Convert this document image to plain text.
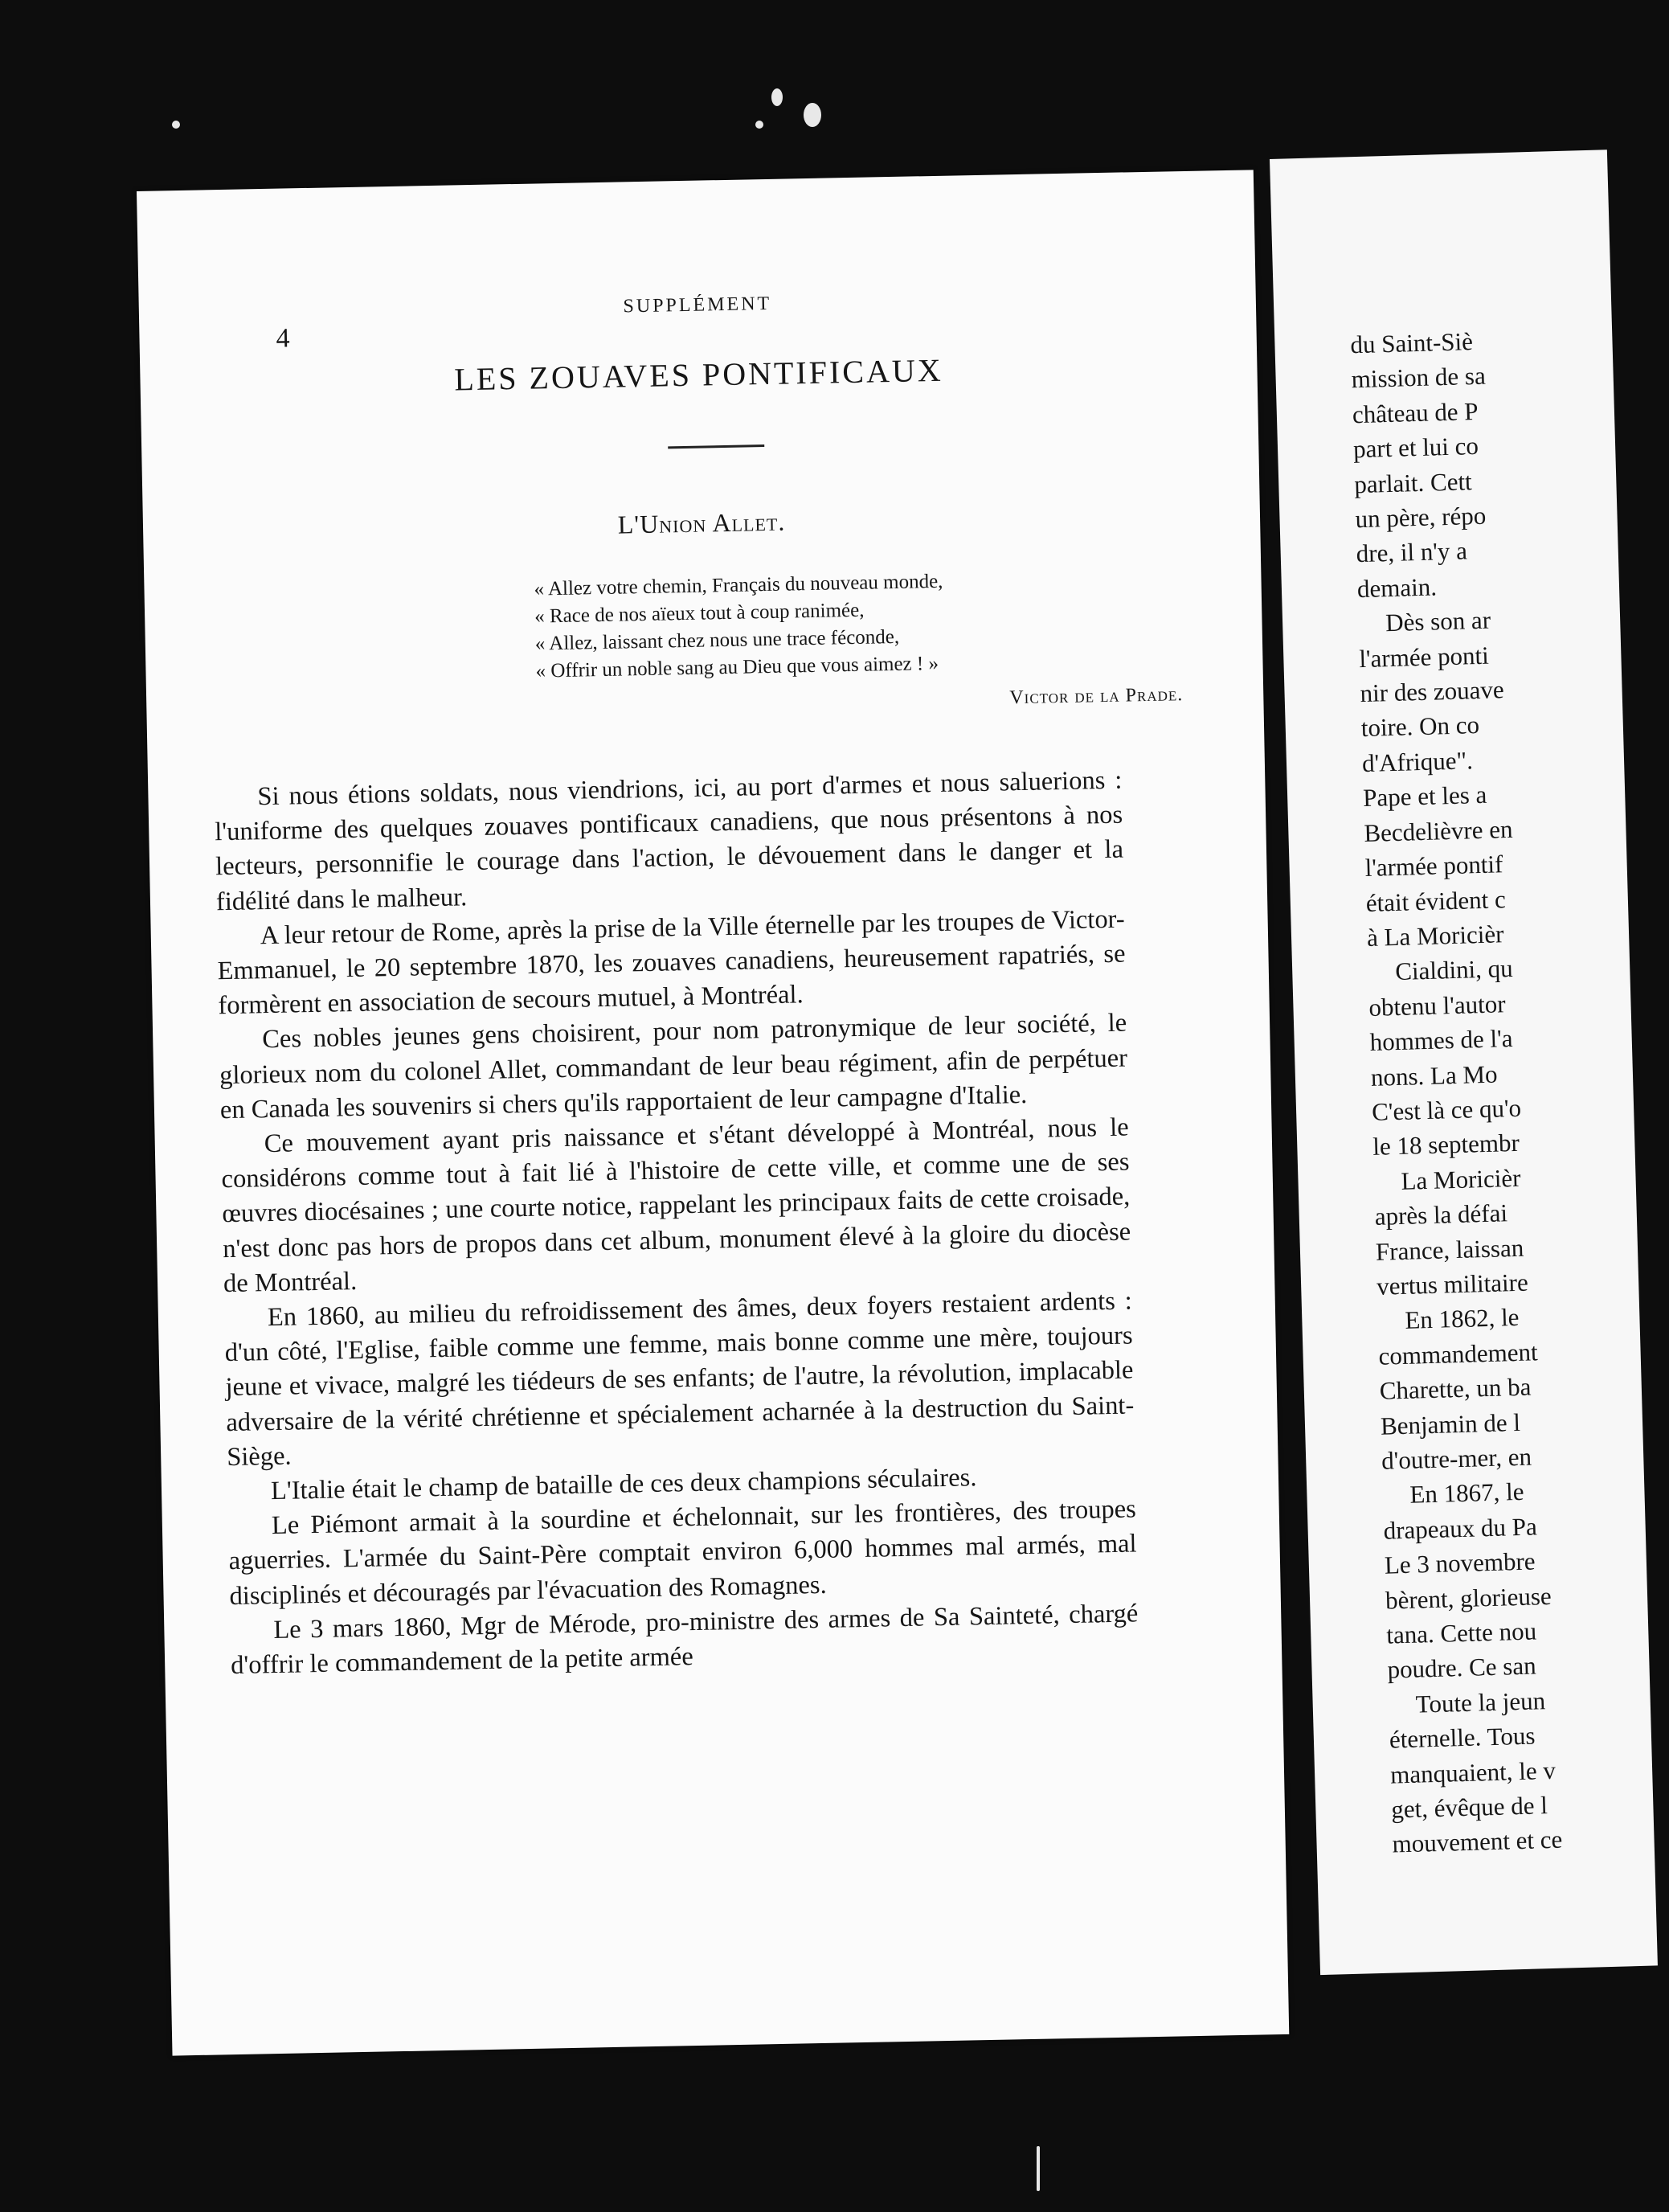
4
SUPPLÉMENT
LES ZOUAVES PONTIFICAUX
L'Union Allet.
« Allez votre chemin, Français du nouveau monde,
« Race de nos aïeux tout à coup ranimée,
« Allez, laissant chez nous une trace féconde,
« Offrir un noble sang au Dieu que vous aimez ! »
Victor de la Prade.

Si nous étions soldats, nous viendrions, ici, au port d'armes et nous saluerions : l'uniforme des quelques zouaves pontificaux canadiens, que nous présentons à nos lecteurs, personnifie le courage dans l'action, le dévouement dans le danger et la fidélité dans le malheur.

A leur retour de Rome, après la prise de la Ville éternelle par les troupes de Victor-Emmanuel, le 20 septembre 1870, les zouaves canadiens, heureusement rapatriés, se formèrent en association de secours mutuel, à Montréal.

Ces nobles jeunes gens choisirent, pour nom patronymique de leur société, le glorieux nom du colonel Allet, commandant de leur beau régiment, afin de perpétuer en Canada les souvenirs si chers qu'ils rapportaient de leur campagne d'Italie.

Ce mouvement ayant pris naissance et s'étant développé à Montréal, nous le considérons comme tout à fait lié à l'histoire de cette ville, et comme une de ses œuvres diocésaines ; une courte notice, rappelant les principaux faits de cette croisade, n'est donc pas hors de propos dans cet album, monument élevé à la gloire du diocèse de Montréal.

En 1860, au milieu du refroidissement des âmes, deux foyers restaient ardents : d'un côté, l'Eglise, faible comme une femme, mais bonne comme une mère, toujours jeune et vivace, malgré les tiédeurs de ses enfants; de l'autre, la révolution, implacable adversaire de la vérité chrétienne et spécialement acharnée à la destruction du Saint-Siège.

L'Italie était le champ de bataille de ces deux champions séculaires.

Le Piémont armait à la sourdine et échelonnait, sur les frontières, des troupes aguerries. L'armée du Saint-Père comptait environ 6,000 hommes mal armés, mal disciplinés et découragés par l'évacuation des Romagnes.

Le 3 mars 1860, Mgr de Mérode, pro-ministre des armes de Sa Sainteté, chargé d'offrir le commandement de la petite armée

du Saint-Siè
mission de sa
château de P
part et lui co
parlait. Cett
un père, répo
dre, il n'y a
demain.
Dès son ar
l'armée ponti
nir des zouave
toire. On co
d'Afrique".
Pape et les a
Becdelièvre en
l'armée pontif
était évident c
à La Moricièr
Cialdini, qu
obtenu l'autor
hommes de l'a
nons. La Mo
C'est là ce qu'o
le 18 septembr
La Moricièr
après la défai
France, laissan
vertus militaire
En 1862, le
commandement
Charette, un ba
Benjamin de l
d'outre-mer, en
En 1867, le
drapeaux du Pa
Le 3 novembre
bèrent, glorieuse
tana. Cette nou
poudre. Ce san
Toute la jeun
éternelle. Tous
manquaient, le v
get, évêque de l
mouvement et ce
